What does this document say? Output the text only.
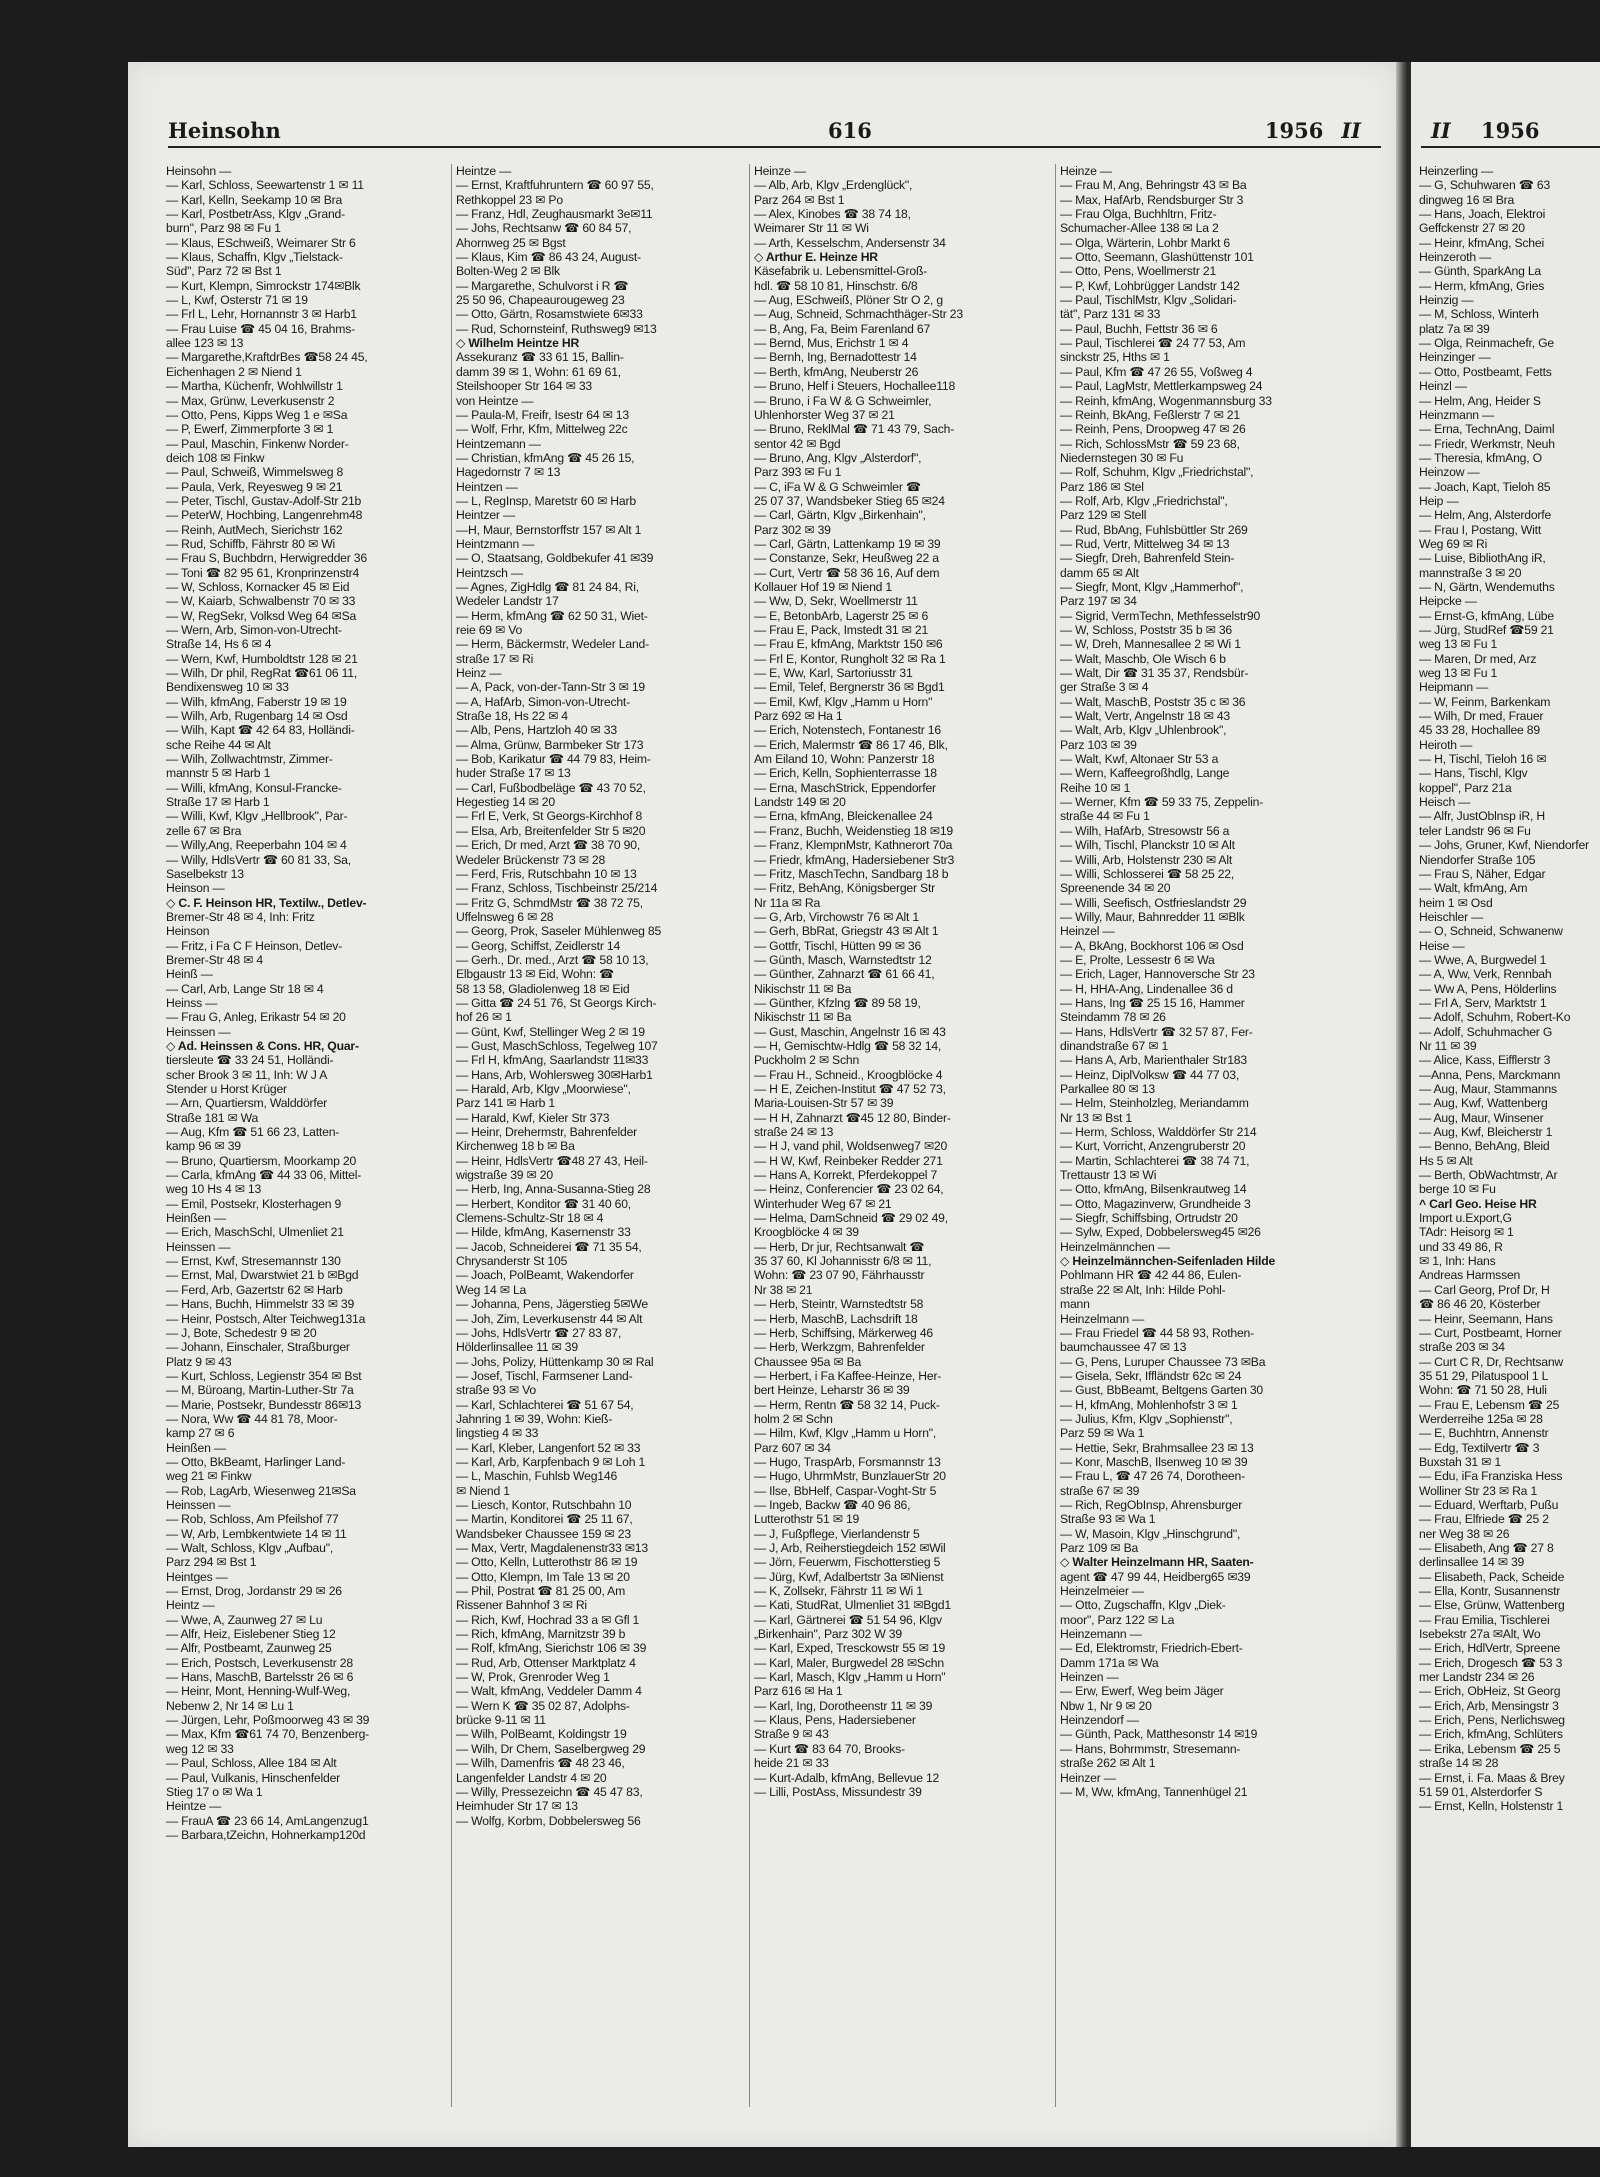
Heinsohn	616	1956 II
Heinsohn —
— Karl, Schloss, Seewartenstr 1 ✉ 11
— Karl, Kelln, Seekamp 10 ✉ Bra
— Karl, PostbetrAss, Klgv „Grand-
burn", Parz 98 ✉ Fu 1
— Klaus, ESchweiß, Weimarer Str 6
— Klaus, Schaffn, Klgv „Tielstack-
Süd", Parz 72 ✉ Bst 1
— Kurt, Klempn, Simrockstr 174✉Blk
— L, Kwf, Osterstr 71 ✉ 19
— Frl L, Lehr, Hornannstr 3 ✉ Harb1
— Frau Luise ☎ 45 04 16, Brahms-
allee 123 ✉ 13
— Margarethe,KraftdrBes ☎58 24 45,
Eichenhagen 2 ✉ Niend 1
— Martha, Küchenfr, Wohlwillstr 1
— Max, Grünw, Leverkusenstr 2
— Otto, Pens, Kipps Weg 1 e ✉Sa
— P, Ewerf, Zimmerpforte 3 ✉ 1
— Paul, Maschin, Finkenw Norder-
deich 108 ✉ Finkw
— Paul, Schweiß, Wimmelsweg 8
— Paula, Verk, Reyesweg 9 ✉ 21
— Peter, Tischl, Gustav-Adolf-Str 21b
— PeterW, Hochbing, Langenrehm48
— Reinh, AutMech, Sierichstr 162
— Rud, Schiffb, Fährstr 80 ✉ Wi
— Frau S, Buchbdrn, Herwigredder 36
— Toni ☎ 82 95 61, Kronprinzenstr4
— W, Schloss, Kornacker 45 ✉ Eid
— W, Kaiarb, Schwalbenstr 70 ✉ 33
— W, RegSekr, Volksd Weg 64 ✉Sa
— Wern, Arb, Simon-von-Utrecht-
Straße 14, Hs 6 ✉ 4
— Wern, Kwf, Humboldtstr 128 ✉ 21
— Wilh, Dr phil, RegRat ☎61 06 11,
Bendixensweg 10 ✉ 33
— Wilh, kfmAng, Faberstr 19 ✉ 19
— Wilh, Arb, Rugenbarg 14 ✉ Osd
— Wilh, Kapt ☎ 42 64 83, Holländi-
sche Reihe 44 ✉ Alt
— Wilh, Zollwachtmstr, Zimmer-
mannstr 5 ✉ Harb 1
— Willi, kfmAng, Konsul-Francke-
Straße 17 ✉ Harb 1
— Willi, Kwf, Klgv „Hellbrook", Par-
zelle 67 ✉ Bra
— Willy,Ang, Reeperbahn 104 ✉ 4
— Willy, HdlsVertr ☎ 60 81 33, Sa,
Saselbekstr 13
Heinson —
◇ C. F. Heinson HR, Textilw., Detlev-
Bremer-Str 48 ✉ 4, Inh: Fritz
Heinson
— Fritz, i Fa C F Heinson, Detlev-
Bremer-Str 48 ✉ 4
Heinß —
— Carl, Arb, Lange Str 18 ✉ 4
Heinss —
— Frau G, Anleg, Erikastr 54 ✉ 20
Heinssen —
◇ Ad. Heinssen & Cons. HR, Quar-
tiersleute ☎ 33 24 51, Holländi-
scher Brook 3 ✉ 11, Inh: W J A
Stender u Horst Krüger
— Arn, Quartiersm, Walddörfer
Straße 181 ✉ Wa
— Aug, Kfm ☎ 51 66 23, Latten-
kamp 96 ✉ 39
— Bruno, Quartiersm, Moorkamp 20
— Carla, kfmAng ☎ 44 33 06, Mittel-
weg 10 Hs 4 ✉ 13
— Emil, Postsekr, Klosterhagen 9
Heinßen —
— Erich, MaschSchl, Ulmenliet 21
Heinssen —
— Ernst, Kwf, Stresemannstr 130
— Ernst, Mal, Dwarstwiet 21 b ✉Bgd
— Ferd, Arb, Gazertstr 62 ✉ Harb
— Hans, Buchh, Himmelstr 33 ✉ 39
— Heinr, Postsch, Alter Teichweg131a
— J, Bote, Schedestr 9 ✉ 20
— Johann, Einschaler, Straßburger
Platz 9 ✉ 43
— Kurt, Schloss, Legienstr 354 ✉ Bst
— M, Büroang, Martin-Luther-Str 7a
— Marie, Postsekr, Bundesstr 86✉13
— Nora, Ww ☎ 44 81 78, Moor-
kamp 27 ✉ 6
Heinßen —
— Otto, BkBeamt, Harlinger Land-
weg 21 ✉ Finkw
— Rob, LagArb, Wiesenweg 21✉Sa
Heinssen —
— Rob, Schloss, Am Pfeilshof 77
— W, Arb, Lembkentwiete 14 ✉ 11
— Walt, Schloss, Klgv „Aufbau",
Parz 294 ✉ Bst 1
Heintges —
— Ernst, Drog, Jordanstr 29 ✉ 26
Heintz —
— Wwe, A, Zaunweg 27 ✉ Lu
— Alfr, Heiz, Eislebener Stieg 12
— Alfr, Postbeamt, Zaunweg 25
— Erich, Postsch, Leverkusenstr 28
— Hans, MaschB, Bartelsstr 26 ✉ 6
— Heinr, Mont, Henning-Wulf-Weg,
Nebenw 2, Nr 14 ✉ Lu 1
— Jürgen, Lehr, Poßmoorweg 43 ✉ 39
— Max, Kfm ☎61 74 70, Benzenberg-
weg 12 ✉ 33
— Paul, Schloss, Allee 184 ✉ Alt
— Paul, Vulkanis, Hinschenfelder
Stieg 17 o ✉ Wa 1
Heintze —
— FrauA ☎ 23 66 14, AmLangenzug1
— Barbara,tZeichn, Hohnerkamp120d
Heintze —
— Ernst, Kraftfuhruntern ☎ 60 97 55,
Rethkoppel 23 ✉ Po
— Franz, Hdl, Zeughausmarkt 3e✉11
— Johs, Rechtsanw ☎ 60 84 57,
Ahornweg 25 ✉ Bgst
— Klaus, Kim ☎ 86 43 24, August-
Bolten-Weg 2 ✉ Blk
— Margarethe, Schulvorst i R ☎
25 50 96, Chapeaurougeweg 23
— Otto, Gärtn, Rosamstwiete 6✉33
— Rud, Schornsteinf, Ruthsweg9 ✉13
◇ Wilhelm Heintze HR
Assekuranz ☎ 33 61 15, Ballin-
damm 39 ✉ 1, Wohn: 61 69 61,
Steilshooper Str 164 ✉ 33
von Heintze —
— Paula-M, Freifr, Isestr 64 ✉ 13
— Wolf, Frhr, Kfm, Mittelweg 22c
Heintzemann —
— Christian, kfmAng ☎ 45 26 15,
Hagedornstr 7 ✉ 13
Heintzen —
— L, RegInsp, Maretstr 60 ✉ Harb
Heintzer —
—H, Maur, Bernstorffstr 157 ✉ Alt 1
Heintzmann —
— O, Staatsang, Goldbekufer 41 ✉39
Heintzsch —
— Agnes, ZigHdlg ☎ 81 24 84, Ri,
Wedeler Landstr 17
— Herm, kfmAng ☎ 62 50 31, Wiet-
reie 69 ✉ Vo
— Herm, Bäckermstr, Wedeler Land-
straße 17 ✉ Ri
Heinz —
— A, Pack, von-der-Tann-Str 3 ✉ 19
— A, HafArb, Simon-von-Utrecht-
Straße 18, Hs 22 ✉ 4
— Alb, Pens, Hartzloh 40 ✉ 33
— Alma, Grünw, Barmbeker Str 173
— Bob, Karikatur ☎ 44 79 83, Heim-
huder Straße 17 ✉ 13
— Carl, Fußbodbeläge ☎ 43 70 52,
Hegestieg 14 ✉ 20
— Frl E, Verk, St Georgs-Kirchhof 8
— Elsa, Arb, Breitenfelder Str 5 ✉20
— Erich, Dr med, Arzt ☎ 38 70 90,
Wedeler Brückenstr 73 ✉ 28
— Ferd, Fris, Rutschbahn 10 ✉ 13
— Franz, Schloss, Tischbeinstr 25/214
— Fritz G, SchmdMstr ☎ 38 72 75,
Uffelnsweg 6 ✉ 28
— Georg, Prok, Saseler Mühlenweg 85
— Georg, Schiffst, Zeidlerstr 14
— Gerh., Dr. med., Arzt ☎ 58 10 13,
Elbgaustr 13 ✉ Eid, Wohn: ☎
58 13 58, Gladiolenweg 18 ✉ Eid
— Gitta ☎ 24 51 76, St Georgs Kirch-
hof 26 ✉ 1
— Günt, Kwf, Stellinger Weg 2 ✉ 19
— Gust, MaschSchloss, Tegelweg 107
— Frl H, kfmAng, Saarlandstr 11✉33
— Hans, Arb, Wohlersweg 30✉Harb1
— Harald, Arb, Klgv „Moorwiese",
Parz 141 ✉ Harb 1
— Harald, Kwf, Kieler Str 373
— Heinr, Drehermstr, Bahrenfelder
Kirchenweg 18 b ✉ Ba
— Heinr, HdlsVertr ☎48 27 43, Heil-
wigstraße 39 ✉ 20
— Herb, Ing, Anna-Susanna-Stieg 28
— Herbert, Konditor ☎ 31 40 60,
Clemens-Schultz-Str 18 ✉ 4
— Hilde, kfmAng, Kasernenstr 33
— Jacob, Schneiderei ☎ 71 35 54,
Chrysanderstr St 105
— Joach, PolBeamt, Wakendorfer
Weg 14 ✉ La
— Johanna, Pens, Jägerstieg 5✉We
— Joh, Zim, Leverkusenstr 44 ✉ Alt
— Johs, HdlsVertr ☎ 27 83 87,
Hölderlinsallee 11 ✉ 39
— Johs, Polizy, Hüttenkamp 30 ✉ Ral
— Josef, Tischl, Farmsener Land-
straße 93 ✉ Vo
— Karl, Schlachterei ☎ 51 67 54,
Jahnring 1 ✉ 39, Wohn: Kieß-
lingstieg 4 ✉ 33
— Karl, Kleber, Langenfort 52 ✉ 33
— Karl, Arb, Karpfenbach 9 ✉ Loh 1
— L, Maschin, Fuhlsb Weg146
✉ Niend 1
— Liesch, Kontor, Rutschbahn 10
— Martin, Konditorei ☎ 25 11 67,
Wandsbeker Chaussee 159 ✉ 23
— Max, Vertr, Magdalenenstr33 ✉13
— Otto, Kelln, Lutterothstr 86 ✉ 19
— Otto, Klempn, Im Tale 13 ✉ 20
— Phil, Postrat ☎ 81 25 00, Am
Rissener Bahnhof 3 ✉ Ri
— Rich, Kwf, Hochrad 33 a ✉ Gfl 1
— Rich, kfmAng, Marnitzstr 39 b
— Rolf, kfmAng, Sierichstr 106 ✉ 39
— Rud, Arb, Ottenser Marktplatz 4
— W, Prok, Grenroder Weg 1
— Walt, kfmAng, Veddeler Damm 4
— Wern K ☎ 35 02 87, Adolphs-
brücke 9-11 ✉ 11
— Wilh, PolBeamt, Koldingstr 19
— Wilh, Dr Chem, Saselbergweg 29
— Wilh, Damenfris ☎ 48 23 46,
Langenfelder Landstr 4 ✉ 20
— Willy, Pressezeichn ☎ 45 47 83,
Heimhuder Str 17 ✉ 13
— Wolfg, Korbm, Dobbelersweg 56
Heinze —
— Alb, Arb, Klgv „Erdenglück",
Parz 264 ✉ Bst 1
— Alex, Kinobes ☎ 38 74 18,
Weimarer Str 11 ✉ Wi
— Arth, Kesselschm, Andersenstr 34
◇ Arthur E. Heinze HR
Käsefabrik u. Lebensmittel-Groß-
hdl. ☎ 58 10 81, Hinschstr. 6/8
— Aug, ESchweiß, Plöner Str O 2, g
— Aug, Schneid, Schmachthäger-Str 23
— B, Ang, Fa, Beim Farenland 67
— Bernd, Mus, Erichstr 1 ✉ 4
— Bernh, Ing, Bernadottestr 14
— Berth, kfmAng, Neuberstr 26
— Bruno, Helf i Steuers, Hochallee118
— Bruno, i Fa W & G Schweimler,
Uhlenhorster Weg 37 ✉ 21
— Bruno, ReklMal ☎ 71 43 79, Sach-
sentor 42 ✉ Bgd
— Bruno, Ang, Klgv „Alsterdorf",
Parz 393 ✉ Fu 1
— C, iFa W & G Schweimler ☎
25 07 37, Wandsbeker Stieg 65 ✉24
— Carl, Gärtn, Klgv „Birkenhain",
Parz 302 ✉ 39
— Carl, Gärtn, Lattenkamp 19 ✉ 39
— Constanze, Sekr, Heußweg 22 a
— Curt, Vertr ☎ 58 36 16, Auf dem
Kollauer Hof 19 ✉ Niend 1
— Ww, D, Sekr, Woellmerstr 11
— E, BetonbArb, Lagerstr 25 ✉ 6
— Frau E, Pack, Imstedt 31 ✉ 21
— Frau E, kfmAng, Marktstr 150 ✉6
— Frl E, Kontor, Rungholt 32 ✉ Ra 1
— E, Ww, Karl, Sartoriusstr 31
— Emil, Telef, Bergnerstr 36 ✉ Bgd1
— Emil, Kwf, Klgv „Hamm u Horn"
Parz 692 ✉ Ha 1
— Erich, Notenstech, Fontanestr 16
— Erich, Malermstr ☎ 86 17 46, Blk,
Am Eiland 10, Wohn: Panzerstr 18
— Erich, Kelln, Sophienterrasse 18
— Erna, MaschStrick, Eppendorfer
Landstr 149 ✉ 20
— Erna, kfmAng, Bleickenallee 24
— Franz, Buchh, Weidenstieg 18 ✉19
— Franz, KlempnMstr, Kathnerort 70a
— Friedr, kfmAng, Hadersiebener Str3
— Fritz, MaschTechn, Sandbarg 18 b
— Fritz, BehAng, Königsberger Str
Nr 11a ✉ Ra
— G, Arb, Virchowstr 76 ✉ Alt 1
— Gerh, BbRat, Griegstr 43 ✉ Alt 1
— Gottfr, Tischl, Hütten 99 ✉ 36
— Günth, Masch, Warnstedtstr 12
— Günther, Zahnarzt ☎ 61 66 41,
Nikischstr 11 ✉ Ba
— Günther, Kfzlng ☎ 89 58 19,
Nikischstr 11 ✉ Ba
— Gust, Maschin, Angelnstr 16 ✉ 43
— H, Gemischtw-Hdlg ☎ 58 32 14,
Puckholm 2 ✉ Schn
— Frau H., Schneid., Kroogblöcke 4
— H E, Zeichen-Institut ☎ 47 52 73,
Maria-Louisen-Str 57 ✉ 39
— H H, Zahnarzt ☎45 12 80, Binder-
straße 24 ✉ 13
— H J, vand phil, Woldsenweg7 ✉20
— H W, Kwf, Reinbeker Redder 271
— Hans A, Korrekt, Pferdekoppel 7
— Heinz, Conferencier ☎ 23 02 64,
Winterhuder Weg 67 ✉ 21
— Helma, DamSchneid ☎ 29 02 49,
Kroogblöcke 4 ✉ 39
— Herb, Dr jur, Rechtsanwalt ☎
35 37 60, Kl Johannisstr 6/8 ✉ 11,
Wohn: ☎ 23 07 90, Fährhausstr
Nr 38 ✉ 21
— Herb, Steintr, Warnstedtstr 58
— Herb, MaschB, Lachsdrift 18
— Herb, Schiffsing, Märkerweg 46
— Herb, Werkzgm, Bahrenfelder
Chaussee 95a ✉ Ba
— Herbert, i Fa Kaffee-Heinze, Her-
bert Heinze, Leharstr 36 ✉ 39
— Herm, Rentn ☎ 58 32 14, Puck-
holm 2 ✉ Schn
— Hilm, Kwf, Klgv „Hamm u Horn",
Parz 607 ✉ 34
— Hugo, TraspArb, Forsmannstr 13
— Hugo, UhrmMstr, BunzlauerStr 20
— Ilse, BbHelf, Caspar-Voght-Str 5
— Ingeb, Backw ☎ 40 96 86,
Lutterothstr 51 ✉ 19
— J, Fußpflege, Vierlandenstr 5
— J, Arb, Reiherstiegdeich 152 ✉Wil
— Jörn, Feuerwm, Fischotterstieg 5
— Jürg, Kwf, Adalbertstr 3a ✉Nienst
— K, Zollsekr, Fährstr 11 ✉ Wi 1
— Kati, StudRat, Ulmenliet 31 ✉Bgd1
— Karl, Gärtnerei ☎ 51 54 96, Klgv
„Birkenhain", Parz 302 W 39
— Karl, Exped, Tresckowstr 55 ✉ 19
— Karl, Maler, Burgwedel 28 ✉Schn
— Karl, Masch, Klgv „Hamm u Horn"
Parz 616 ✉ Ha 1
— Karl, Ing, Dorotheenstr 11 ✉ 39
— Klaus, Pens, Hadersiebener
Straße 9 ✉ 43
— Kurt ☎ 83 64 70, Brooks-
heide 21 ✉ 33
— Kurt-Adalb, kfmAng, Bellevue 12
— Lilli, PostAss, Missundestr 39
Heinze —
— Frau M, Ang, Behringstr 43 ✉ Ba
— Max, HafArb, Rendsburger Str 3
— Frau Olga, Buchhltrn, Fritz-
Schumacher-Allee 138 ✉ La 2
— Olga, Wärterin, Lohbr Markt 6
— Otto, Seemann, Glashüttenstr 101
— Otto, Pens, Woellmerstr 21
— P, Kwf, Lohbrügger Landstr 142
— Paul, TischlMstr, Klgv „Solidari-
tät", Parz 131 ✉ 33
— Paul, Buchh, Fettstr 36 ✉ 6
— Paul, Tischlerei ☎ 24 77 53, Am
sinckstr 25, Hths ✉ 1
— Paul, Kfm ☎ 47 26 55, Voßweg 4
— Paul, LagMstr, Mettlerkampsweg 24
— Reinh, kfmAng, Wogenmannsburg 33
— Reinh, BkAng, Feßlerstr 7 ✉ 21
— Reinh, Pens, Droopweg 47 ✉ 26
— Rich, SchlossMstr ☎ 59 23 68,
Niedernstegen 30 ✉ Fu
— Rolf, Schuhm, Klgv „Friedrichstal",
Parz 186 ✉ Stel
— Rolf, Arb, Klgv „Friedrichstal",
Parz 129 ✉ Stell
— Rud, BbAng, Fuhlsbüttler Str 269
— Rud, Vertr, Mittelweg 34 ✉ 13
— Siegfr, Dreh, Bahrenfeld Stein-
damm 65 ✉ Alt
— Siegfr, Mont, Klgv „Hammerhof",
Parz 197 ✉ 34
— Sigrid, VermTechn, Methfesselstr90
— W, Schloss, Poststr 35 b ✉ 36
— W, Dreh, Mannesallee 2 ✉ Wi 1
— Walt, Maschb, Ole Wisch 6 b
— Walt, Dir ☎ 31 35 37, Rendsbür-
ger Straße 3 ✉ 4
— Walt, MaschB, Poststr 35 c ✉ 36
— Walt, Vertr, Angelnstr 18 ✉ 43
— Walt, Arb, Klgv „Uhlenbrook",
Parz 103 ✉ 39
— Walt, Kwf, Altonaer Str 53 a
— Wern, Kaffeegroßhdlg, Lange
Reihe 10 ✉ 1
— Werner, Kfm ☎ 59 33 75, Zeppelin-
straße 44 ✉ Fu 1
— Wilh, HafArb, Stresowstr 56 a
— Wilh, Tischl, Planckstr 10 ✉ Alt
— Willi, Arb, Holstenstr 230 ✉ Alt
— Willi, Schlosserei ☎ 58 25 22,
Spreenende 34 ✉ 20
— Willi, Seefisch, Ostfrieslandstr 29
— Willy, Maur, Bahnredder 11 ✉Blk
Heinzel —
— A, BkAng, Bockhorst 106 ✉ Osd
— E, Prolte, Lessestr 6 ✉ Wa
— Erich, Lager, Hannoversche Str 23
— H, HHA-Ang, Lindenallee 36 d
— Hans, Ing ☎ 25 15 16, Hammer
Steindamm 78 ✉ 26
— Hans, HdlsVertr ☎ 32 57 87, Fer-
dinandstraße 67 ✉ 1
— Hans A, Arb, Marienthaler Str183
— Heinz, DiplVolksw ☎ 44 77 03,
Parkallee 80 ✉ 13
— Helm, Steinholzleg, Meriandamm
Nr 13 ✉ Bst 1
— Herm, Schloss, Walddörfer Str 214
— Kurt, Vorricht, Anzengruberstr 20
— Martin, Schlachterei ☎ 38 74 71,
Trettaustr 13 ✉ Wi
— Otto, kfmAng, Bilsenkrautweg 14
— Otto, Magazinverw, Grundheide 3
— Siegfr, Schiffsbing, Ortrudstr 20
— Sylw, Exped, Dobbelersweg45 ✉26
Heinzelmännchen —
◇ Heinzelmännchen-Seifenladen Hilde
Pohlmann HR ☎ 42 44 86, Eulen-
straße 22 ✉ Alt, Inh: Hilde Pohl-
mann
Heinzelmann —
— Frau Friedel ☎ 44 58 93, Rothen-
baumchaussee 47 ✉ 13
— G, Pens, Luruper Chaussee 73 ✉Ba
— Gisela, Sekr, Iffländstr 62c ✉ 24
— Gust, BbBeamt, Beltgens Garten 30
— H, kfmAng, Mohlenhofstr 3 ✉ 1
— Julius, Kfm, Klgv „Sophienstr",
Parz 59 ✉ Wa 1
— Hettie, Sekr, Brahmsallee 23 ✉ 13
— Konr, MaschB, Ilsenweg 10 ✉ 39
— Frau L, ☎ 47 26 74, Dorotheen-
straße 67 ✉ 39
— Rich, RegObInsp, Ahrensburger
Straße 93 ✉ Wa 1
— W, Masoin, Klgv „Hinschgrund",
Parz 109 ✉ Ba
◇ Walter Heinzelmann HR, Saaten-
agent ☎ 47 99 44, Heidberg65 ✉39
Heinzelmeier —
— Otto, Zugschaffn, Klgv „Diek-
moor", Parz 122 ✉ La
Heinzemann —
— Ed, Elektromstr, Friedrich-Ebert-
Damm 171a ✉ Wa
Heinzen —
— Erw, Ewerf, Weg beim Jäger
Nbw 1, Nr 9 ✉ 20
Heinzendorf —
— Günth, Pack, Matthesonstr 14 ✉19
— Hans, Bohrmmstr, Stresemann-
straße 262 ✉ Alt 1
Heinzer —
— M, Ww, kfmAng, Tannenhügel 21
II 1956
Heinzerling —
— G, Schuhwaren ☎ 63
dingweg 16 ✉ Bra
— Hans, Joach, Elektroi
Geffckenstr 27 ✉ 20
— Heinr, kfmAng, Schei
Heinzeroth —
— Günth, SparkAng La
— Herm, kfmAng, Gries
Heinzig —
— M, Schloss, Winterh
platz 7a ✉ 39
— Olga, Reinmachefr, Ge
Heinzinger —
— Otto, Postbeamt, Fetts
Heinzl —
— Helm, Ang, Heider S
Heinzmann —
— Erna, TechnAng, Daiml
— Friedr, Werkmstr, Neuh
— Theresia, kfmAng, O
Heinzow —
— Joach, Kapt, Tieloh 85
Heip —
— Helm, Ang, Alsterdorfe
— Frau I, Postang, Witt
Weg 69 ✉ Ri
— Luise, BibliothAng iR,
mannstraße 3 ✉ 20
— N, Gärtn, Wendemuths
Heipcke —
— Ernst-G, kfmAng, Lübe
— Jürg, StudRef ☎59 21
weg 13 ✉ Fu 1
— Maren, Dr med, Arz
weg 13 ✉ Fu 1
Heipmann —
— W, Feinm, Barkenkam
— Wilh, Dr med, Frauer
45 33 28, Hochallee 89
Heiroth —
— H, Tischl, Tieloh 16 ✉
— Hans, Tischl, Klgv
koppel", Parz 21a
Heisch —
— Alfr, JustOblnsp iR, H
teler Landstr 96 ✉ Fu
— Johs, Gruner, Kwf, Niendorfer
Niendorfer Straße 105
— Frau S, Näher, Edgar
— Walt, kfmAng, Am
heim 1 ✉ Osd
Heischler —
— O, Schneid, Schwanenw
Heise —
— Wwe, A, Burgwedel 1
— A, Ww, Verk, Rennbah
— Ww A, Pens, Hölderlins
— Frl A, Serv, Marktstr 1
— Adolf, Schuhm, Robert-Ko
— Adolf, Schuhmacher G
Nr 11 ✉ 39
— Alice, Kass, Eifflerstr 3
—Anna, Pens, Marckmann
— Aug, Maur, Stammanns
— Aug, Kwf, Wattenberg
— Aug, Maur, Winsener
— Aug, Kwf, Bleicherstr 1
— Benno, BehAng, Bleid
Hs 5 ✉ Alt
— Berth, ObWachtmstr, Ar
berge 10 ✉ Fu
^ Carl Geo. Heise HR
Import u.Export,G
TAdr: Heisorg ✉ 1
und 33 49 86, R
✉ 1, Inh: Hans
Andreas Harmssen
— Carl Georg, Prof Dr, H
☎ 86 46 20, Kösterber
— Heinr, Seemann, Hans
— Curt, Postbeamt, Horner
straße 203 ✉ 34
— Curt C R, Dr, Rechtsanw
35 51 29, Pilatuspool 1 L
Wohn: ☎ 71 50 28, Huli
— Frau E, Lebensm ☎ 25
Werderreihe 125a ✉ 28
— E, Buchhtrn, Annenstr
— Edg, Textilvertr ☎ 3
Buxstah 31 ✉ 1
— Edu, iFa Franziska Hess
Wolliner Str 23 ✉ Ra 1
— Eduard, Werftarb, Pußu
— Frau, Elfriede ☎ 25 2
ner Weg 38 ✉ 26
— Elisabeth, Ang ☎ 27 8
derlinsallee 14 ✉ 39
— Elisabeth, Pack, Scheide
— Ella, Kontr, Susannenstr
— Else, Grünw, Wattenberg
— Frau Emilia, Tischlerei
Isebekstr 27a ✉Alt, Wo
— Erich, HdlVertr, Spreene
— Erich, Drogesch ☎ 53 3
mer Landstr 234 ✉ 26
— Erich, ObHeiz, St Georg
— Erich, Arb, Mensingstr 3
— Erich, Pens, Nerlichsweg
— Erich, kfmAng, Schlüters
— Erika, Lebensm ☎ 25 5
straße 14 ✉ 28
— Ernst, i. Fa. Maas & Brey
51 59 01, Alsterdorfer S
— Ernst, Kelln, Holstenstr 1
